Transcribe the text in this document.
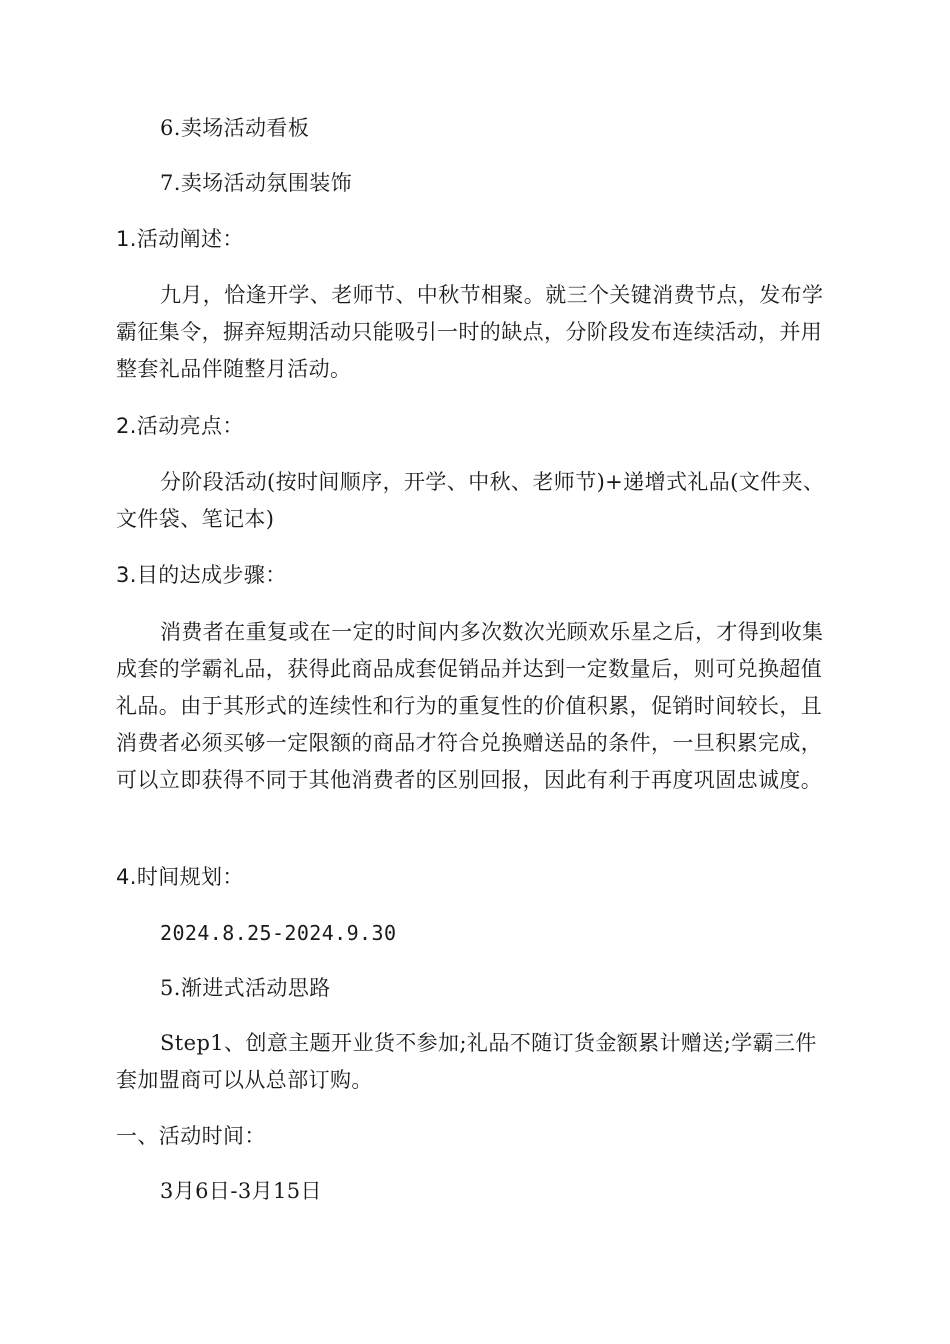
6.卖场活动看板

7.卖场活动氛围装饰

1.活动阐述：

九月，恰逢开学、老师节、中秋节相聚。就三个关键消费节点，发布学霸征集令，摒弃短期活动只能吸引一时的缺点，分阶段发布连续活动，并用整套礼品伴随整月活动。

2.活动亮点：

分阶段活动(按时间顺序，开学、中秋、老师节)+递增式礼品(文件夹、文件袋、笔记本)

3.目的达成步骤：

消费者在重复或在一定的时间内多次数次光顾欢乐星之后，才得到收集成套的学霸礼品，获得此商品成套促销品并达到一定数量后，则可兑换超值礼品。由于其形式的连续性和行为的重复性的价值积累，促销时间较长，且消费者必须买够一定限额的商品才符合兑换赠送品的条件，一旦积累完成，可以立即获得不同于其他消费者的区别回报，因此有利于再度巩固忠诚度。

4.时间规划：

2024.8.25-2024.9.30

5.渐进式活动思路

Step1、创意主题开业货不参加;礼品不随订货金额累计赠送;学霸三件套加盟商可以从总部订购。

一、活动时间：

3月6日-3月15日
